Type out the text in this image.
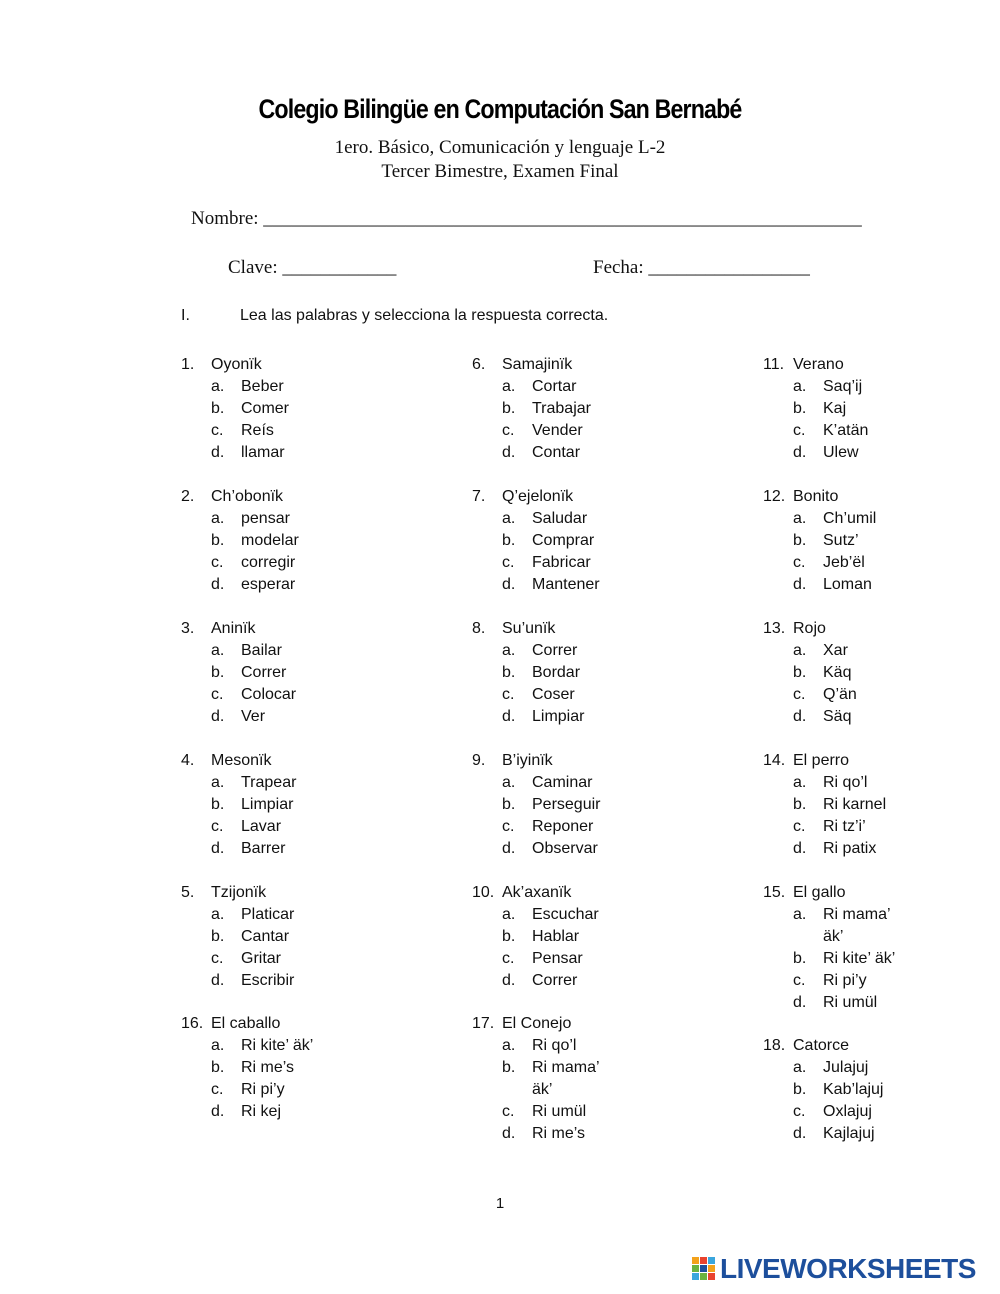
Colegio Bilingüe en Computación San Bernabé
1ero. Básico, Comunicación y lenguaje L-2
Tercer Bimestre, Examen Final
Nombre: _______________________________________________________________
Clave: ____________	Fecha: _________________
I.	Lea las palabras y selecciona la respuesta correcta.
1.	Oyonïk
a.	Beber
b.	Comer
c.	Reís
d.	llamar
2.	Ch’obonïk
a.	pensar
b.	modelar
c.	corregir
d.	esperar
3.	Aninïk
a.	Bailar
b.	Correr
c.	Colocar
d.	Ver
4.	Mesonïk
a.	Trapear
b.	Limpiar
c.	Lavar
d.	Barrer
5.	Tzijonïk
a.	Platicar
b.	Cantar
c.	Gritar
d.	Escribir
6.	Samajinïk
a.	Cortar
b.	Trabajar
c.	Vender
d.	Contar
7.	Q’ejelonïk
a.	Saludar
b.	Comprar
c.	Fabricar
d.	Mantener
8.	Su’unïk
a.	Correr
b.	Bordar
c.	Coser
d.	Limpiar
9.	B’iyinïk
a.	Caminar
b.	Perseguir
c.	Reponer
d.	Observar
10. Ak’axanïk
a.	Escuchar
b.	Hablar
c.	Pensar
d.	Correr
11. Verano
a.	Saq’ij
b.	Kaj
c.	K’atän
d.	Ulew
12. Bonito
a.	Ch’umil
b.	Sutz’
c.	Jeb’ël
d.	Loman
13. Rojo
a.	Xar
b.	Käq
c.	Q’än
d.	Säq
14. El perro
a.	Ri qo’l
b.	Ri karnel
c.	Ri tz’i’
d.	Ri patix
15. El gallo
a.	Ri mama’ äk’
b.	Ri kite’ äk’
c.	Ri pi’y
d.	Ri umül
16. El caballo
a.	Ri kite’ äk’
b.	Ri me’s
c.	Ri pi’y
d.	Ri kej
17. El Conejo
a.	Ri qo’l
b.	Ri mama’ äk’
c.	Ri umül
d.	Ri me’s
18. Catorce
a.	Julajuj
b.	Kab’lajuj
c.	Oxlajuj
d.	Kajlajuj
1
LIVEWORKSHEETS
